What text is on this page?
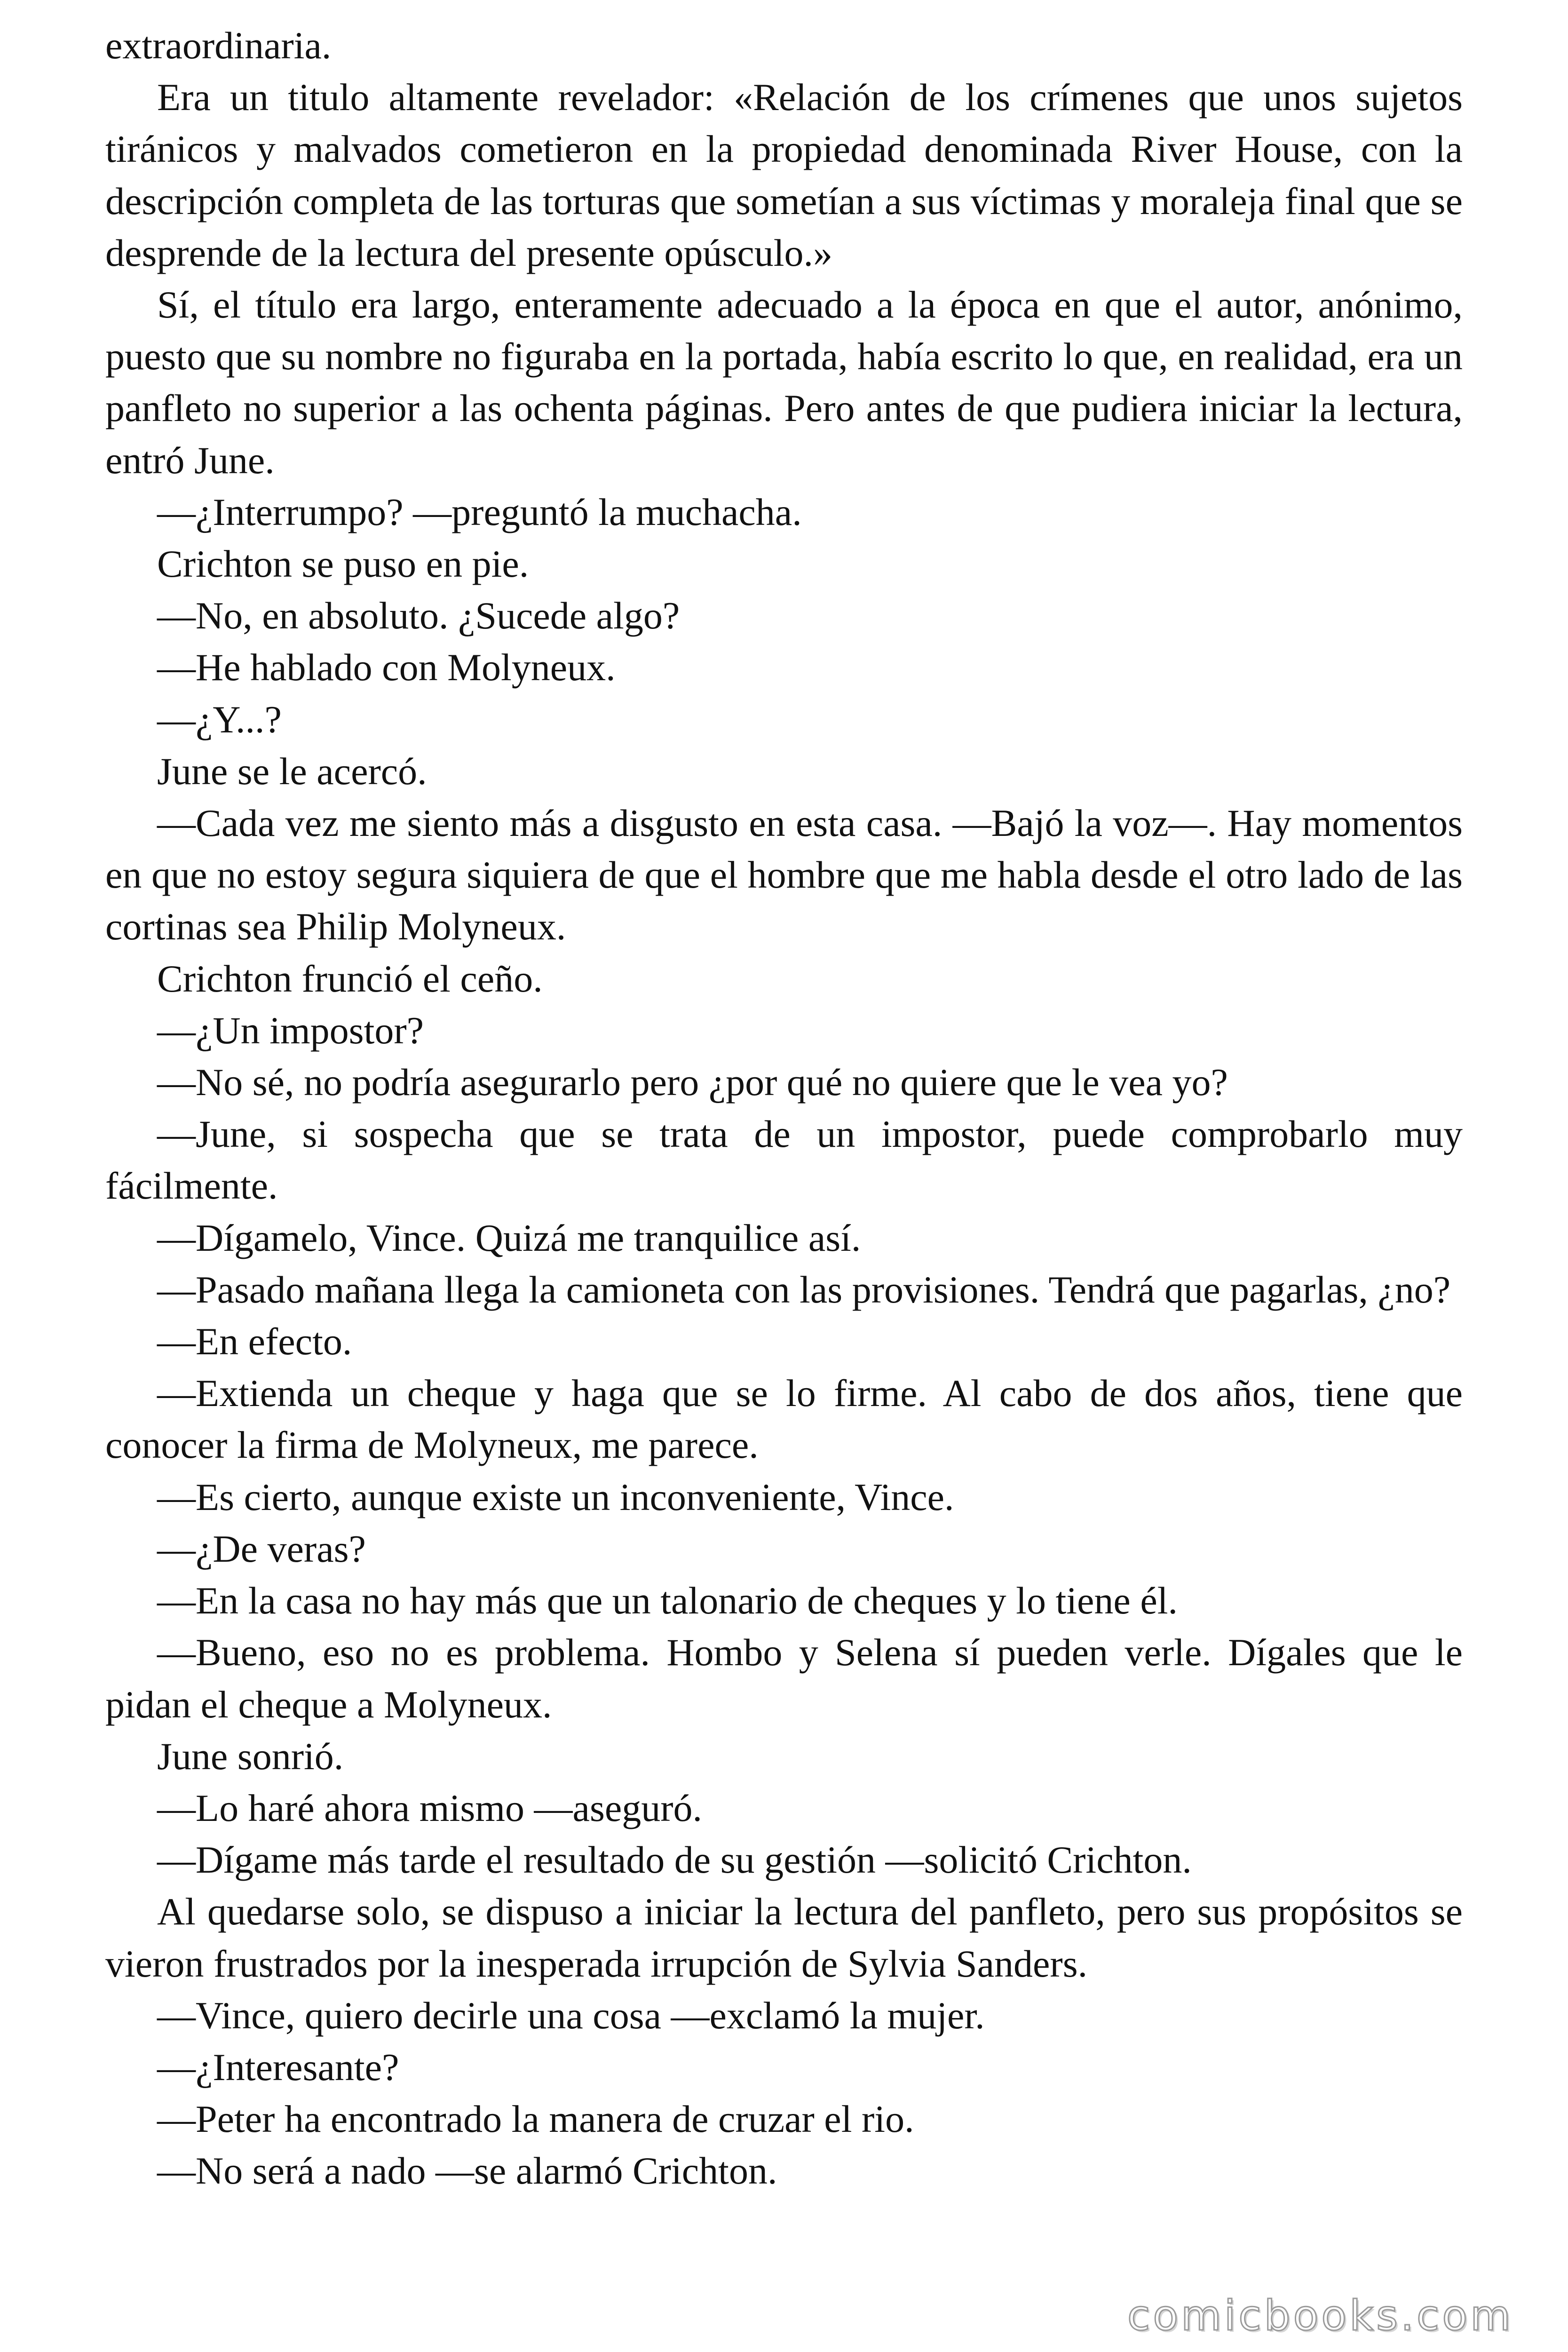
extraordinaria.

Era un titulo altamente revelador: «Relación de los crímenes que unos sujetos tiránicos y malvados cometieron en la propiedad denominada River House, con la descripción completa de las torturas que sometían a sus víctimas y moraleja final que se desprende de la lectura del presente opúsculo.»

Sí, el título era largo, enteramente adecuado a la época en que el autor, anónimo, puesto que su nombre no figuraba en la portada, había escrito lo que, en realidad, era un panfleto no superior a las ochenta páginas. Pero antes de que pudiera iniciar la lectura, entró June.

—¿Interrumpo? —preguntó la muchacha.

Crichton se puso en pie.

—No, en absoluto. ¿Sucede algo?

—He hablado con Molyneux.

—¿Y...?

June se le acercó.

—Cada vez me siento más a disgusto en esta casa. —Bajó la voz—. Hay momentos en que no estoy segura siquiera de que el hombre que me habla desde el otro lado de las cortinas sea Philip Molyneux.

Crichton frunció el ceño.

—¿Un impostor?

—No sé, no podría asegurarlo pero ¿por qué no quiere que le vea yo?

—June, si sospecha que se trata de un impostor, puede comprobarlo muy fácilmente.

—Dígamelo, Vince. Quizá me tranquilice así.

—Pasado mañana llega la camioneta con las provisiones. Tendrá que pagarlas, ¿no?

—En efecto.

—Extienda un cheque y haga que se lo firme. Al cabo de dos años, tiene que conocer la firma de Molyneux, me parece.

—Es cierto, aunque existe un inconveniente, Vince.

—¿De veras?

—En la casa no hay más que un talonario de cheques y lo tiene él.

—Bueno, eso no es problema. Hombo y Selena sí pueden verle. Dígales que le pidan el cheque a Molyneux.

June sonrió.

—Lo haré ahora mismo —aseguró.

—Dígame más tarde el resultado de su gestión —solicitó Crichton.

Al quedarse solo, se dispuso a iniciar la lectura del panfleto, pero sus propósitos se vieron frustrados por la inesperada irrupción de Sylvia Sanders.

—Vince, quiero decirle una cosa —exclamó la mujer.

—¿Interesante?

—Peter ha encontrado la manera de cruzar el rio.

—No será a nado —se alarmó Crichton.

comicbooks.com
